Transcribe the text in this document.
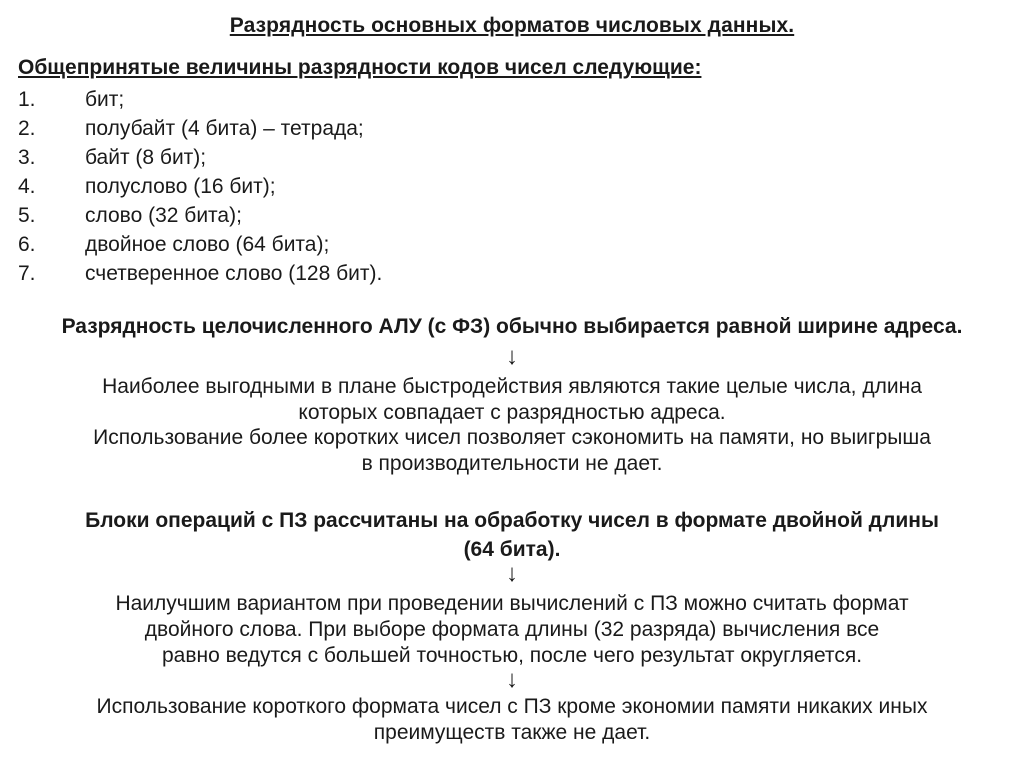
Разрядность основных форматов числовых данных.
Общепринятые величины разрядности кодов чисел следующие:
1. бит;
2. полубайт (4 бита) – тетрада;
3. байт (8 бит);
4. полуслово (16 бит);
5. слово (32 бита);
6. двойное слово (64 бита);
7. счетверенное слово (128 бит).
Разрядность целочисленного АЛУ (с ФЗ) обычно выбирается равной ширине адреса.
↓
Наиболее выгодными в плане быстродействия являются такие целые числа, длина
которых совпадает с разрядностью адреса.
Использование более коротких чисел позволяет сэкономить на памяти, но выигрыша
в производительности не дает.
Блоки операций с ПЗ рассчитаны на обработку чисел в формате двойной длины
(64 бита).
↓
Наилучшим вариантом при проведении вычислений с ПЗ можно считать формат
двойного слова. При выборе формата длины (32 разряда) вычисления все
равно ведутся с большей точностью, после чего результат округляется.
↓
Использование короткого формата чисел с ПЗ кроме экономии памяти никаких иных
преимуществ также не дает.
